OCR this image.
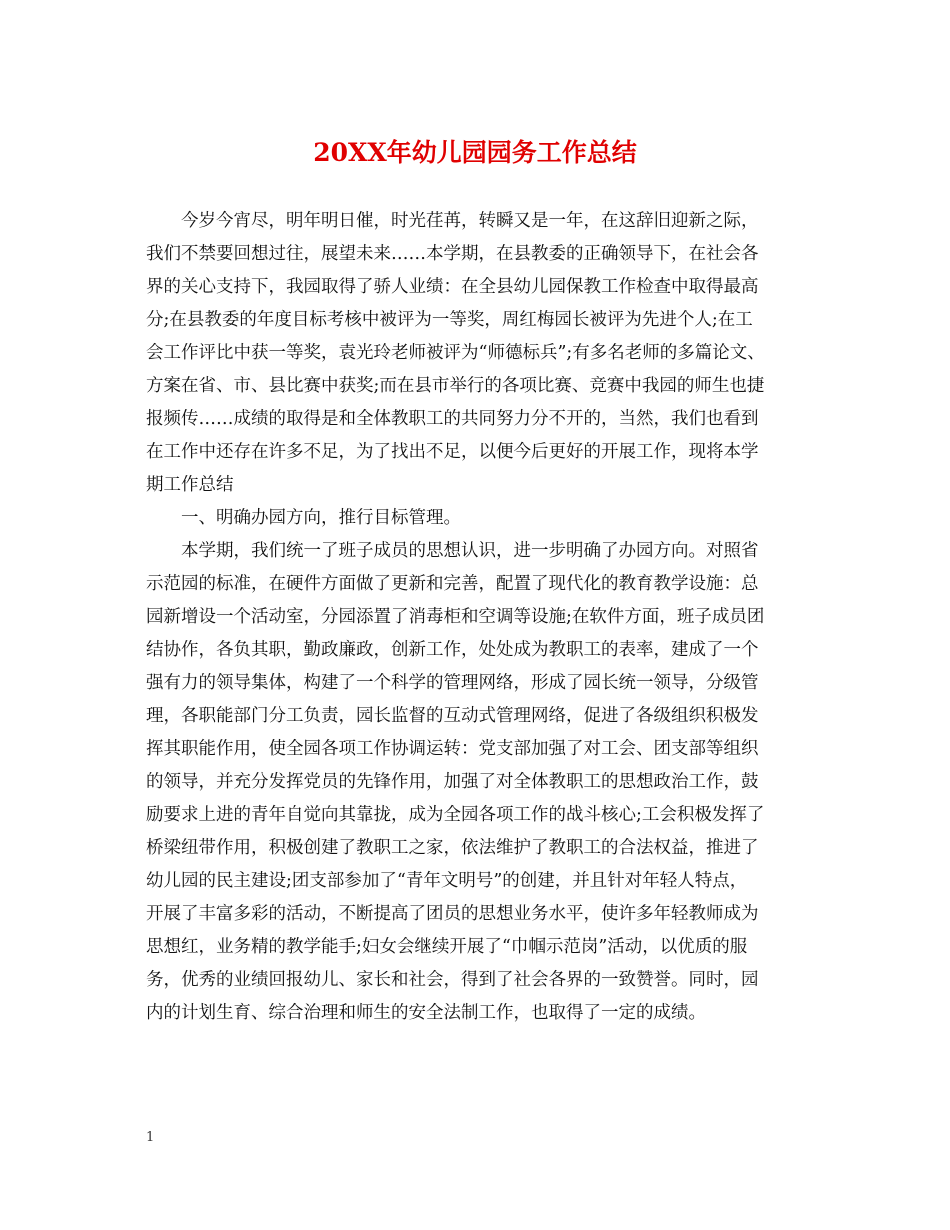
20XX年幼儿园园务工作总结
今岁今宵尽，明年明日催，时光荏苒，转瞬又是一年，在这辞旧迎新之际，
我们不禁要回想过往，展望未来……本学期，在县教委的正确领导下，在社会各
界的关心支持下，我园取得了骄人业绩：在全县幼儿园保教工作检查中取得最高
分;在县教委的年度目标考核中被评为一等奖，周红梅园长被评为先进个人;在工
会工作评比中获一等奖，袁光玲老师被评为“师德标兵”;有多名老师的多篇论文、
方案在省、市、县比赛中获奖;而在县市举行的各项比赛、竞赛中我园的师生也捷
报频传……成绩的取得是和全体教职工的共同努力分不开的，当然，我们也看到
在工作中还存在许多不足，为了找出不足，以便今后更好的开展工作，现将本学
期工作总结
一、明确办园方向，推行目标管理。
本学期，我们统一了班子成员的思想认识，进一步明确了办园方向。对照省
示范园的标准，在硬件方面做了更新和完善，配置了现代化的教育教学设施：总
园新增设一个活动室，分园添置了消毒柜和空调等设施;在软件方面，班子成员团
结协作，各负其职，勤政廉政，创新工作，处处成为教职工的表率，建成了一个
强有力的领导集体，构建了一个科学的管理网络，形成了园长统一领导，分级管
理，各职能部门分工负责，园长监督的互动式管理网络，促进了各级组织积极发
挥其职能作用，使全园各项工作协调运转：党支部加强了对工会、团支部等组织
的领导，并充分发挥党员的先锋作用，加强了对全体教职工的思想政治工作，鼓
励要求上进的青年自觉向其靠拢，成为全园各项工作的战斗核心;工会积极发挥了
桥梁纽带作用，积极创建了教职工之家，依法维护了教职工的合法权益，推进了
幼儿园的民主建设;团支部参加了“青年文明号”的创建，并且针对年轻人特点，
开展了丰富多彩的活动，不断提高了团员的思想业务水平，使许多年轻教师成为
思想红，业务精的教学能手;妇女会继续开展了“巾帼示范岗”活动，以优质的服
务，优秀的业绩回报幼儿、家长和社会，得到了社会各界的一致赞誉。同时，园
内的计划生育、综合治理和师生的安全法制工作，也取得了一定的成绩。
1
